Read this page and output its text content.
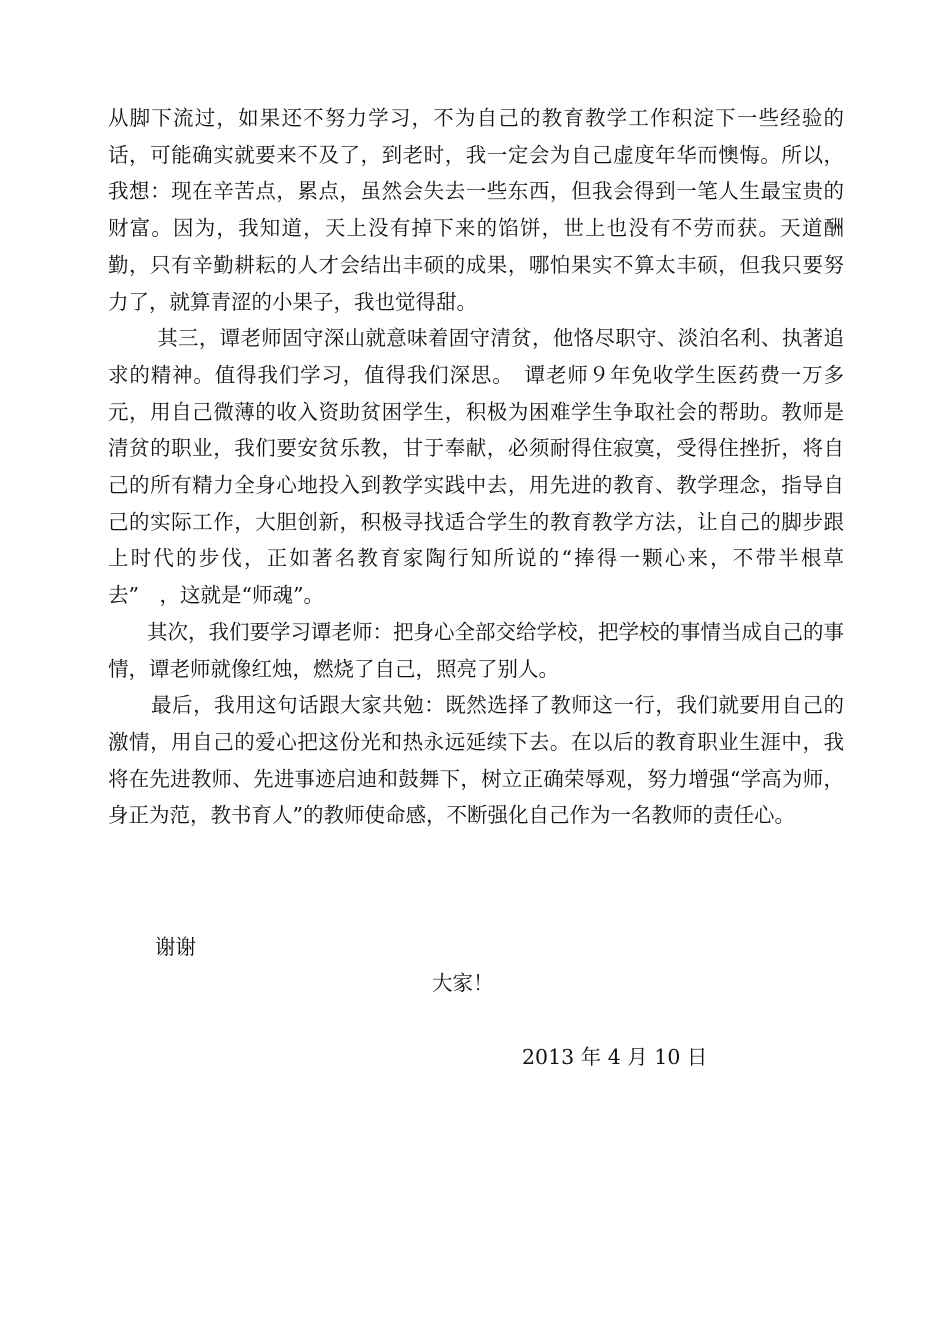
从脚下流过，如果还不努力学习，不为自己的教育教学工作积淀下一些经验的话，可能确实就要来不及了，到老时，我一定会为自己虚度年华而懊悔。所以，我想：现在辛苦点，累点，虽然会失去一些东西，但我会得到一笔人生最宝贵的财富。因为，我知道，天上没有掉下来的馅饼，世上也没有不劳而获。天道酬勤，只有辛勤耕耘的人才会结出丰硕的成果，哪怕果实不算太丰硕，但我只要努力了，就算青涩的小果子，我也觉得甜。

其三，谭老师固守深山就意味着固守清贫，他恪尽职守、淡泊名利、执著追求的精神。值得我们学习，值得我们深思。　谭老师９年免收学生医药费一万多元，用自己微薄的收入资助贫困学生，积极为困难学生争取社会的帮助。教师是清贫的职业，我们要安贫乐教，甘于奉献，必须耐得住寂寞，受得住挫折，将自己的所有精力全身心地投入到教学实践中去，用先进的教育、教学理念，指导自己的实际工作，大胆创新，积极寻找适合学生的教育教学方法，让自己的脚步跟上时代的步伐，正如著名教育家陶行知所说的“捧得一颗心来，不带半根草去”　，这就是“师魂”。

其次，我们要学习谭老师：把身心全部交给学校，把学校的事情当成自己的事情，谭老师就像红烛，燃烧了自己，照亮了别人。

最后，我用这句话跟大家共勉：既然选择了教师这一行，我们就要用自己的激情，用自己的爱心把这份光和热永远延续下去。在以后的教育职业生涯中，我将在先进教师、先进事迹启迪和鼓舞下，树立正确荣辱观，努力增强“学高为师，身正为范，教书育人”的教师使命感，不断强化自己作为一名教师的责任心。

谢谢
大家！
2013 年 4 月 10 日
